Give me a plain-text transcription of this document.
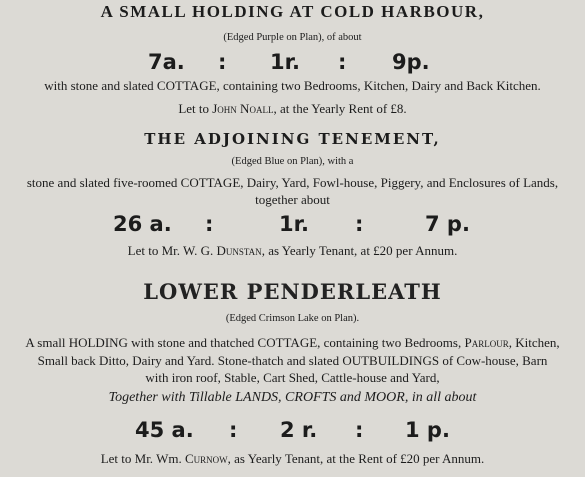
A SMALL HOLDING AT COLD HARBOUR,
(Edged Purple on Plan), of about
7a. : 1r. : 9p.
with stone and slated COTTAGE, containing two Bedrooms, Kitchen, Dairy and Back Kitchen.
Let to John Noall, at the Yearly Rent of £8.
THE ADJOINING TENEMENT,
(Edged Blue on Plan), with a
stone and slated five-roomed COTTAGE, Dairy, Yard, Fowl-house, Piggery, and Enclosures of Lands,
together about
26 a. :	1r. :	7 p.
Let to Mr. W. G. Dunstan, as Yearly Tenant, at £20 per Annum.
LOWER PENDERLEATH
(Edged Crimson Lake on Plan).
A small HOLDING with stone and thatched COTTAGE, containing two Bedrooms, Parlour, Kitchen,
Small back Ditto, Dairy and Yard. Stone-thatch and slated OUTBUILDINGS of Cow-house, Barn
with iron roof, Stable, Cart Shed, Cattle-house and Yard,
Together with Tillable LANDS, CROFTS and MOOR, in all about
45 a. : 2 r. : 1 p.
Let to Mr. Wm. Curnow, as Yearly Tenant, at the Rent of £20 per Annum.
